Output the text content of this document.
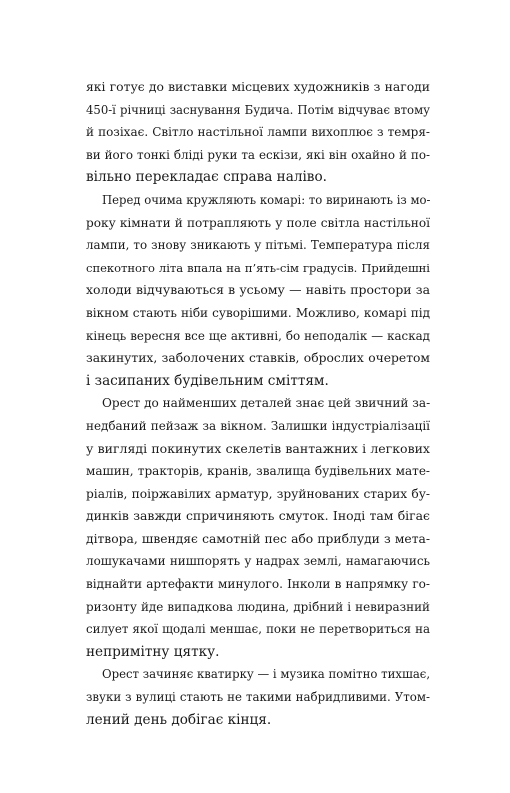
які готує до виставки місцевих художників з нагоди
450-ї річниці заснування Будича. Потім відчуває втому
й позіхає. Світло настільної лампи вихоплює з темря-
ви його тонкі бліді руки та ескізи, які він охайно й по-
вільно перекладає справа наліво.

Перед очима кружляють комарі: то виринають із мо-
року кімнати й потрапляють у поле світла настільної
лампи, то знову зникають у пітьмі. Температура після
спекотного літа впала на п’ять-сім градусів. Прийдешні
холоди відчуваються в усьому — навіть простори за
вікном стають ніби суворішими. Можливо, комарі під
кінець вересня все ще активні, бо неподалік — каскад
закинутих, заболочених ставків, оброслих очеретом
і засипаних будівельним сміттям.

Орест до найменших деталей знає цей звичний за-
недбаний пейзаж за вікном. Залишки індустріалізації
у вигляді покинутих скелетів вантажних і легкових
машин, тракторів, кранів, звалища будівельних мате-
ріалів, поіржавілих арматур, зруйнованих старих бу-
динків завжди спричиняють смуток. Іноді там бігає
дітвора, швендяє самотній пес або приблуди з мета-
лошукачами нишпорять у надрах землі, намагаючись
віднайти артефакти минулого. Інколи в напрямку го-
ризонту йде випадкова людина, дрібний і невиразний
силует якої щодалі меншає, поки не перетвориться на
непримітну цятку.

Орест зачиняє кватирку — і музика помітно тихшає,
звуки з вулиці стають не такими набридливими. Утом-
лений день добігає кінця.
